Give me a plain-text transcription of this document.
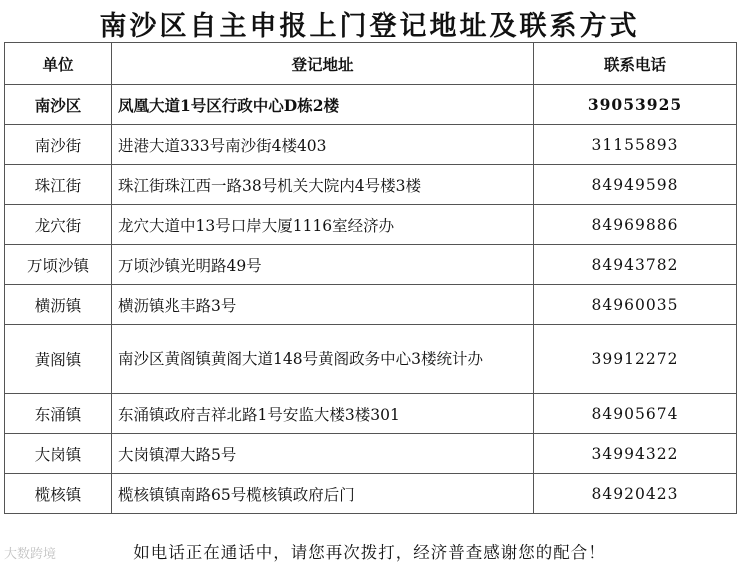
南沙区自主申报上门登记地址及联系方式
单位	登记地址	联系电话
南沙区	凤凰大道1号区行政中心D栋2楼	39053925
南沙街	进港大道333号南沙街4楼403	31155893
珠江街	珠江街珠江西一路38号机关大院内4号楼3楼	84949598
龙穴街	龙穴大道中13号口岸大厦1116室经济办	84969886
万顷沙镇	万顷沙镇光明路49号	84943782
横沥镇	横沥镇兆丰路3号	84960035
黄阁镇	南沙区黄阁镇黄阁大道148号黄阁政务中心3楼统计办	39912272
东涌镇	东涌镇政府吉祥北路1号安监大楼3楼301	84905674
大岗镇	大岗镇潭大路5号	34994322
榄核镇	榄核镇镇南路65号榄核镇政府后门	84920423
大数跨境	如电话正在通话中，请您再次拨打，经济普查感谢您的配合！
